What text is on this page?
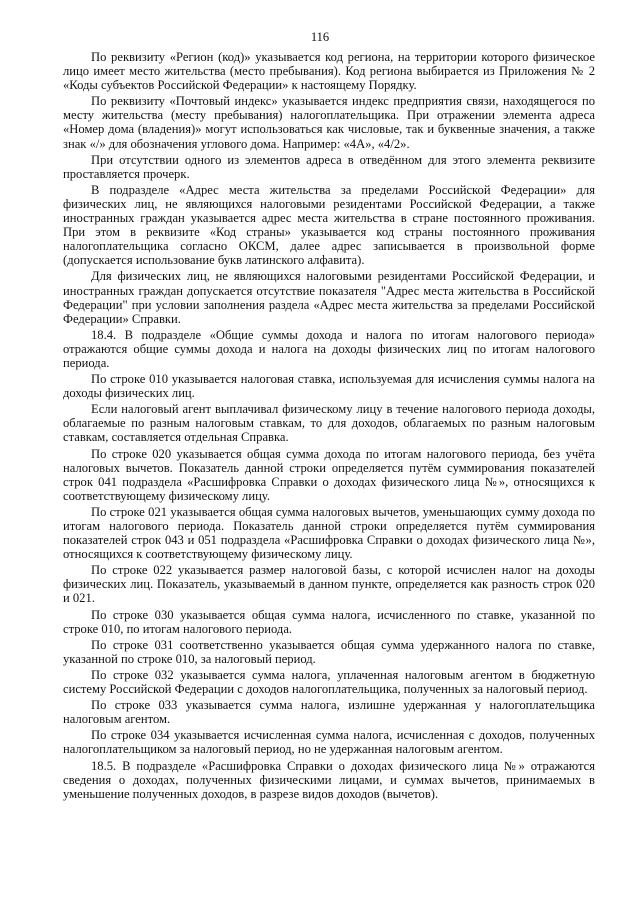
116

По реквизиту «Регион (код)» указывается код региона, на территории которого физическое лицо имеет место жительства (место пребывания). Код региона выбирается из Приложения № 2 «Коды субъектов Российской Федерации» к настоящему Порядку.

По реквизиту «Почтовый индекс» указывается индекс предприятия связи, находящегося по месту жительства (месту пребывания) налогоплательщика. При отражении элемента адреса «Номер дома (владения)» могут использоваться как числовые, так и буквенные значения, а также знак «/» для обозначения углового дома. Например: «4А», «4/2».

При отсутствии одного из элементов адреса в отведённом для этого элемента реквизите проставляется прочерк.

В подразделе «Адрес места жительства за пределами Российской Федерации» для физических лиц, не являющихся налоговыми резидентами Российской Федерации, а также иностранных граждан указывается адрес места жительства в стране постоянного проживания. При этом в реквизите «Код страны» указывается код страны постоянного проживания налогоплательщика согласно ОКСМ, далее адрес записывается в произвольной форме (допускается использование букв латинского алфавита).

Для физических лиц, не являющихся налоговыми резидентами Российской Федерации, и иностранных граждан допускается отсутствие показателя "Адрес места жительства в Российской Федерации" при условии заполнения раздела «Адрес места жительства за пределами Российской Федерации» Справки.

18.4. В подразделе «Общие суммы дохода и налога по итогам налогового периода» отражаются общие суммы дохода и налога на доходы физических лиц по итогам налогового периода.

По строке 010 указывается налоговая ставка, используемая для исчисления суммы налога на доходы физических лиц.

Если налоговый агент выплачивал физическому лицу в течение налогового периода доходы, облагаемые по разным налоговым ставкам, то для доходов, облагаемых по разным налоговым ставкам, составляется отдельная Справка.

По строке 020 указывается общая сумма дохода по итогам налогового периода, без учёта налоговых вычетов. Показатель данной строки определяется путём суммирования показателей строк 041 подраздела «Расшифровка Справки о доходах физического лица №», относящихся к соответствующему физическому лицу.

По строке 021 указывается общая сумма налоговых вычетов, уменьшающих сумму дохода по итогам налогового периода. Показатель данной строки определяется путём суммирования показателей строк 043 и 051 подраздела «Расшифровка Справки о доходах физического лица №», относящихся к соответствующему физическому лицу.

По строке 022 указывается размер налоговой базы, с которой исчислен налог на доходы физических лиц. Показатель, указываемый в данном пункте, определяется как разность строк 020 и 021.

По строке 030 указывается общая сумма налога, исчисленного по ставке, указанной по строке 010, по итогам налогового периода.

По строке 031 соответственно указывается общая сумма удержанного налога по ставке, указанной по строке 010, за налоговый период.

По строке 032 указывается сумма налога, уплаченная налоговым агентом в бюджетную систему Российской Федерации с доходов налогоплательщика, полученных за налоговый период.

По строке 033 указывается сумма налога, излишне удержанная у налогоплательщика налоговым агентом.

По строке 034 указывается исчисленная сумма налога, исчисленная с доходов, полученных налогоплательщиком за налоговый период, но не удержанная налоговым агентом.

18.5. В подразделе «Расшифровка Справки о доходах физического лица №» отражаются сведения о доходах, полученных физическими лицами, и суммах вычетов, принимаемых в уменьшение полученных доходов, в разрезе видов доходов (вычетов).
